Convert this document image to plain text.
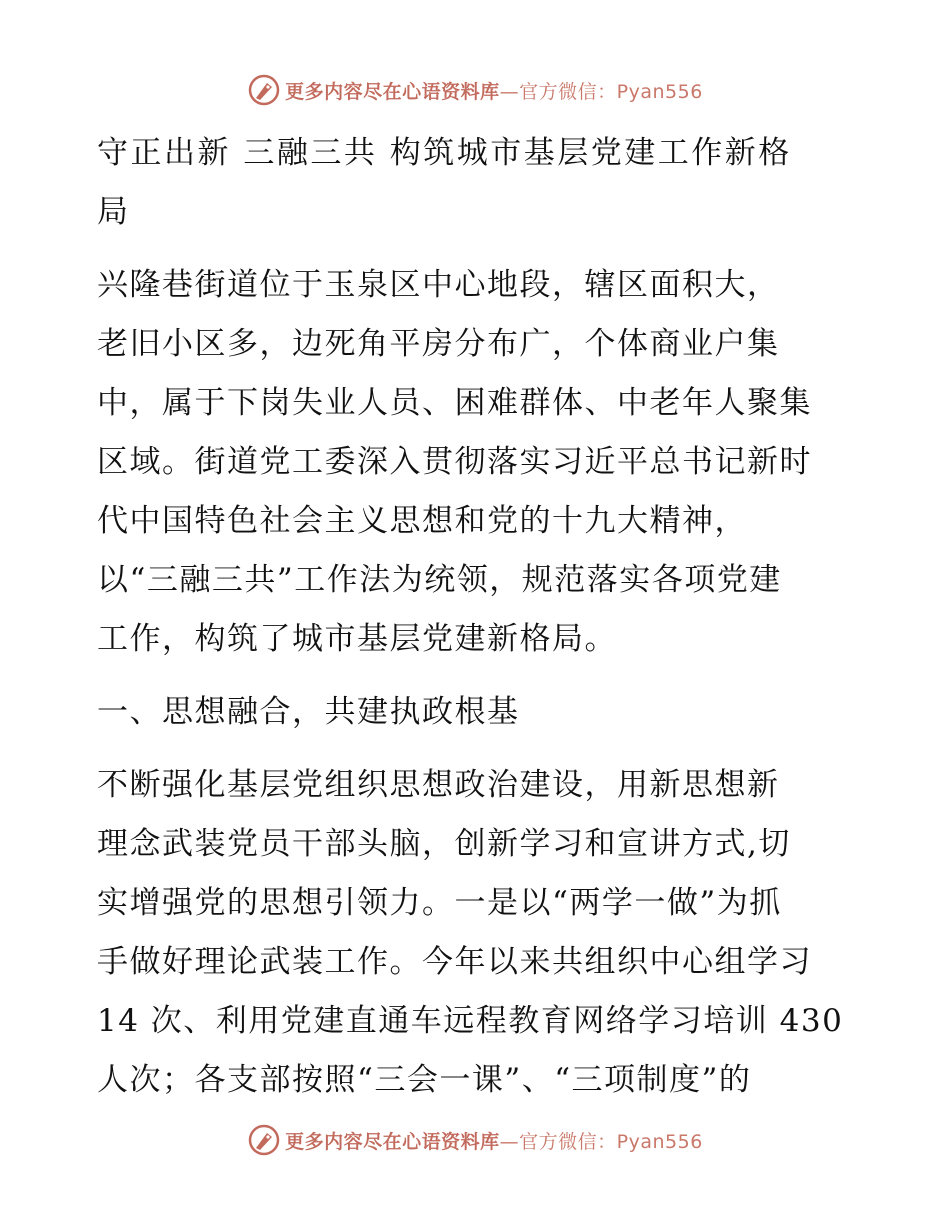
更多内容尽在心语资料库—官方微信：Pyan556
守正出新 三融三共 构筑城市基层党建工作新格
局
兴隆巷街道位于玉泉区中心地段，辖区面积大，
老旧小区多，边死角平房分布广，个体商业户集
中，属于下岗失业人员、困难群体、中老年人聚集
区域。街道党工委深入贯彻落实习近平总书记新时
代中国特色社会主义思想和党的十九大精神，
以“三融三共”工作法为统领，规范落实各项党建
工作，构筑了城市基层党建新格局。
一、思想融合，共建执政根基
不断强化基层党组织思想政治建设，用新思想新
理念武装党员干部头脑，创新学习和宣讲方式,切
实增强党的思想引领力。一是以“两学一做”为抓
手做好理论武装工作。今年以来共组织中心组学习
14 次、利用党建直通车远程教育网络学习培训 430
人次；各支部按照“三会一课”、“三项制度”的
更多内容尽在心语资料库—官方微信：Pyan556
